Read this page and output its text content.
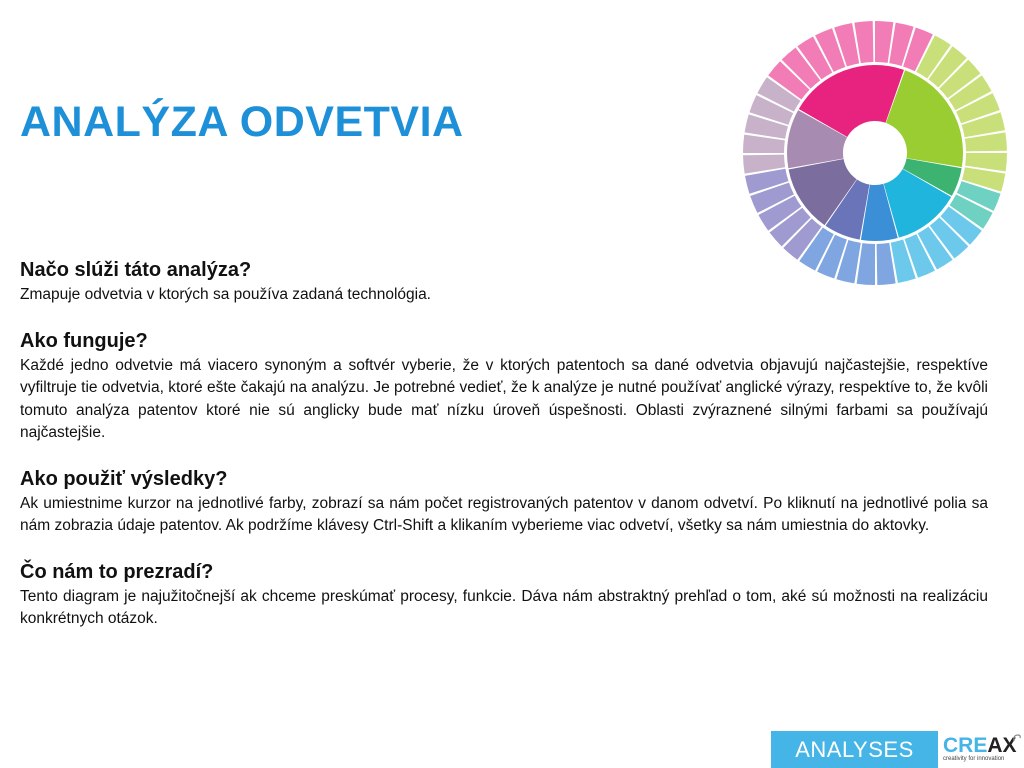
ANALÝZA ODVETVIA
Načo slúži táto analýza?

Zmapuje odvetvia v ktorých sa používa zadaná technológia.

Ako funguje?

Každé jedno odvetvie má viacero synoným a softvér vyberie, že v ktorých patentoch sa dané odvetvia objavujú najčastejšie, respektíve vyfiltruje tie odvetvia, ktoré ešte čakajú na analýzu. Je potrebné vedieť, že k analýze je nutné používať anglické výrazy, respektíve to, že kvôli tomuto analýza patentov ktoré nie sú anglicky bude mať nízku úroveň úspešnosti. Oblasti zvýraznené silnými farbami sa používajú najčastejšie.

Ako použiť výsledky?

Ak umiestnime kurzor na jednotlivé farby, zobrazí sa nám počet registrovaných patentov v danom odvetví. Po kliknutí na jednotlivé polia sa nám zobrazia údaje patentov. Ak podržíme klávesy Ctrl-Shift a klikaním vyberieme viac odvetví, všetky sa nám umiestnia do aktovky.

Čo nám to prezradí?

Tento diagram je najužitočnejší ak chceme preskúmať procesy, funkcie. Dáva nám abstraktný prehľad o tom, aké sú možnosti na realizáciu konkrétnych otázok.

ANALYSES	CREAX
creativity for innovation
